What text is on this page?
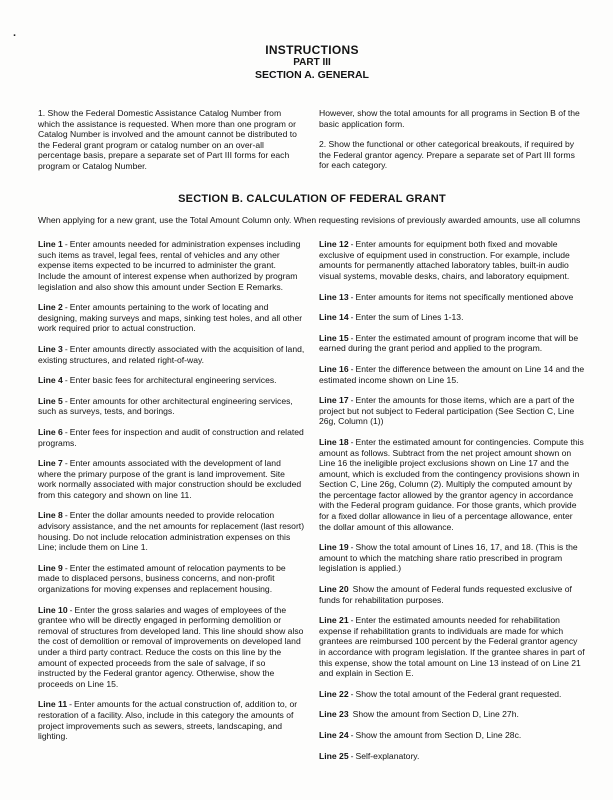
.
INSTRUCTIONS
PART III
SECTION A. GENERAL

1. Show the Federal Domestic Assistance Catalog Number from which the assistance is requested. When more than one program or Catalog Number is involved and the amount cannot be distributed to the Federal grant program or catalog number on an over-all percentage basis, prepare a separate set of Part III forms for each program or Catalog Number.

However, show the total amounts for all programs in Section B of the basic application form.

2. Show the functional or other categorical breakouts, if required by the Federal grantor agency. Prepare a separate set of Part III forms for each category.

SECTION B. CALCULATION OF FEDERAL GRANT

When applying for a new grant, use the Total Amount Column only. When requesting revisions of previously awarded amounts, use all columns

Line 1 - Enter amounts needed for administration expenses including such items as travel, legal fees, rental of vehicles and any other expense items expected to be incurred to administer the grant. Include the amount of interest expense when authorized by program legislation and also show this amount under Section E Remarks.

Line 2 - Enter amounts pertaining to the work of locating and designing, making surveys and maps, sinking test holes, and all other work required prior to actual construction.

Line 3 - Enter amounts directly associated with the acquisition of land, existing structures, and related right-of-way.

Line 4 - Enter basic fees for architectural engineering services.

Line 5 - Enter amounts for other architectural engineering services, such as surveys, tests, and borings.

Line 6 - Enter fees for inspection and audit of construction and related programs.

Line 7 - Enter amounts associated with the development of land where the primary purpose of the grant is land improvement. Site work normally associated with major construction should be excluded from this category and shown on line 11.

Line 8 - Enter the dollar amounts needed to provide relocation advisory assistance, and the net amounts for replacement (last resort) housing. Do not include relocation administration expenses on this Line; include them on Line 1.

Line 9 - Enter the estimated amount of relocation payments to be made to displaced persons, business concerns, and non-profit organizations for moving expenses and replacement housing.

Line 10 - Enter the gross salaries and wages of employees of the grantee who will be directly engaged in performing demolition or removal of structures from developed land. This line should show also the cost of demolition or removal of improvements on developed land under a third party contract. Reduce the costs on this line by the amount of expected proceeds from the sale of salvage, if so instructed by the Federal grantor agency. Otherwise, show the proceeds on Line 15.

Line 11 - Enter amounts for the actual construction of, addition to, or restoration of a facility. Also, include in this category the amounts of project improvements such as sewers, streets, landscaping, and lighting.

Line 12 - Enter amounts for equipment both fixed and movable exclusive of equipment used in construction. For example, include amounts for permanently attached laboratory tables, built-in audio visual systems, movable desks, chairs, and laboratory equipment.

Line 13 - Enter amounts for items not specifically mentioned above

Line 14 - Enter the sum of Lines 1-13.

Line 15 - Enter the estimated amount of program income that will be earned during the grant period and applied to the program.

Line 16 - Enter the difference between the amount on Line 14 and the estimated income shown on Line 15.

Line 17 - Enter the amounts for those items, which are a part of the project but not subject to Federal participation (See Section C, Line 26g, Column (1))

Line 18 - Enter the estimated amount for contingencies. Compute this amount as follows. Subtract from the net project amount shown on Line 16 the ineligible project exclusions shown on Line 17 and the amount, which is excluded from the contingency provisions shown in Section C, Line 26g, Column (2). Multiply the computed amount by the percentage factor allowed by the grantor agency in accordance with the Federal program guidance. For those grants, which provide for a fixed dollar allowance in lieu of a percentage allowance, enter the dollar amount of this allowance.

Line 19 - Show the total amount of Lines 16, 17, and 18. (This is the amount to which the matching share ratio prescribed in program legislation is applied.)

Line 20 Show the amount of Federal funds requested exclusive of funds for rehabilitation purposes.

Line 21 - Enter the estimated amounts needed for rehabilitation expense if rehabilitation grants to individuals are made for which grantees are reimbursed 100 percent by the Federal grantor agency in accordance with program legislation. If the grantee shares in part of this expense, show the total amount on Line 13 instead of on Line 21 and explain in Section E.

Line 22 - Show the total amount of the Federal grant requested.

Line 23 Show the amount from Section D, Line 27h.

Line 24 - Show the amount from Section D, Line 28c.

Line 25 - Self-explanatory.
